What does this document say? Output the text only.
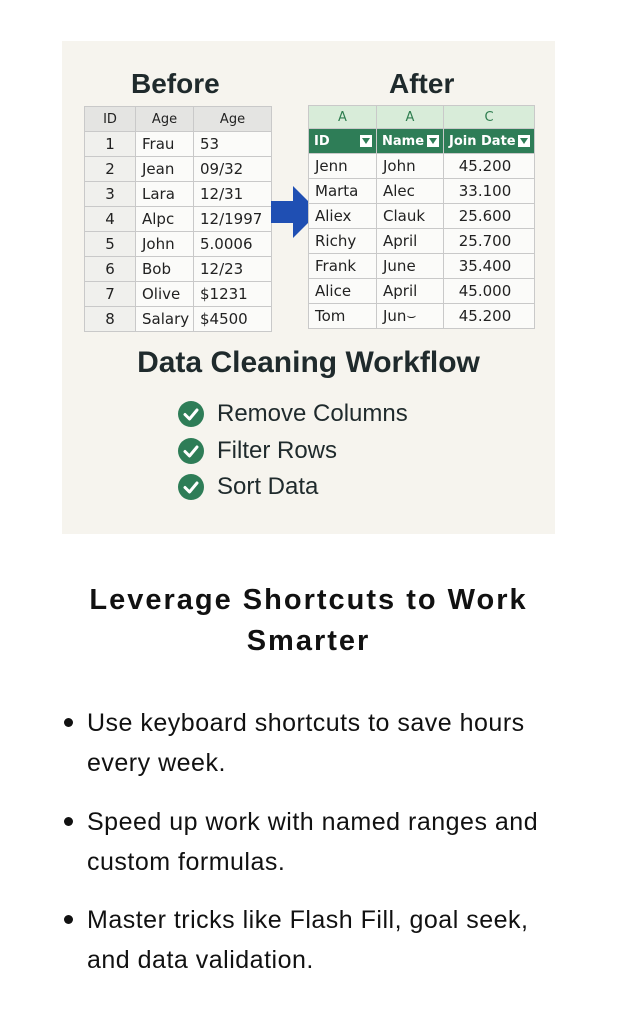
Before	After
ID	Age	Age
1	Frau	53
2	Jean	09/32
3	Lara	12/31
4	Alpc	12/1997
5	John	5.0006
6	Bob	12/23
7	Olive	$1231
8	Salary	$4500
A	A	C
ID	Name	Join Date

Jenn	John	45.200
Marta	Alec	33.100
Aliex	Clauk	25.600
Richy	April	25.700
Frank	June	35.400
Alice	April	45.000
Tom	Jun⌣	45.200
Data Cleaning Workflow
Remove Columns
Filter Rows
Sort Data
Leverage Shortcuts to Work Smarter
Use keyboard shortcuts to save hours every week.
Speed up work with named ranges and custom formulas.
Master tricks like Flash Fill, goal seek, and data validation.
